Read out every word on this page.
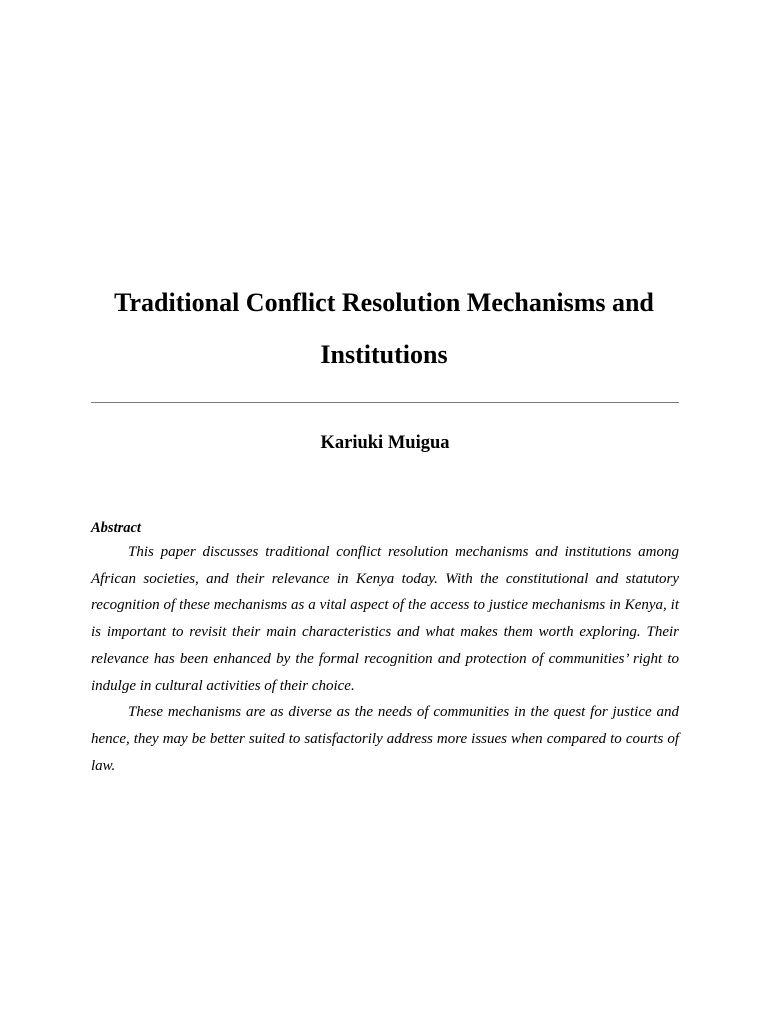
Traditional Conflict Resolution Mechanisms and
Institutions

Kariuki Muigua

Abstract

This paper discusses traditional conflict resolution mechanisms and institutions among African societies, and their relevance in Kenya today. With the constitutional and statutory recognition of these mechanisms as a vital aspect of the access to justice mechanisms in Kenya, it is important to revisit their main characteristics and what makes them worth exploring. Their relevance has been enhanced by the formal recognition and protection of communities’ right to indulge in cultural activities of their choice.

These mechanisms are as diverse as the needs of communities in the quest for justice and hence, they may be better suited to satisfactorily address more issues when compared to courts of law.
